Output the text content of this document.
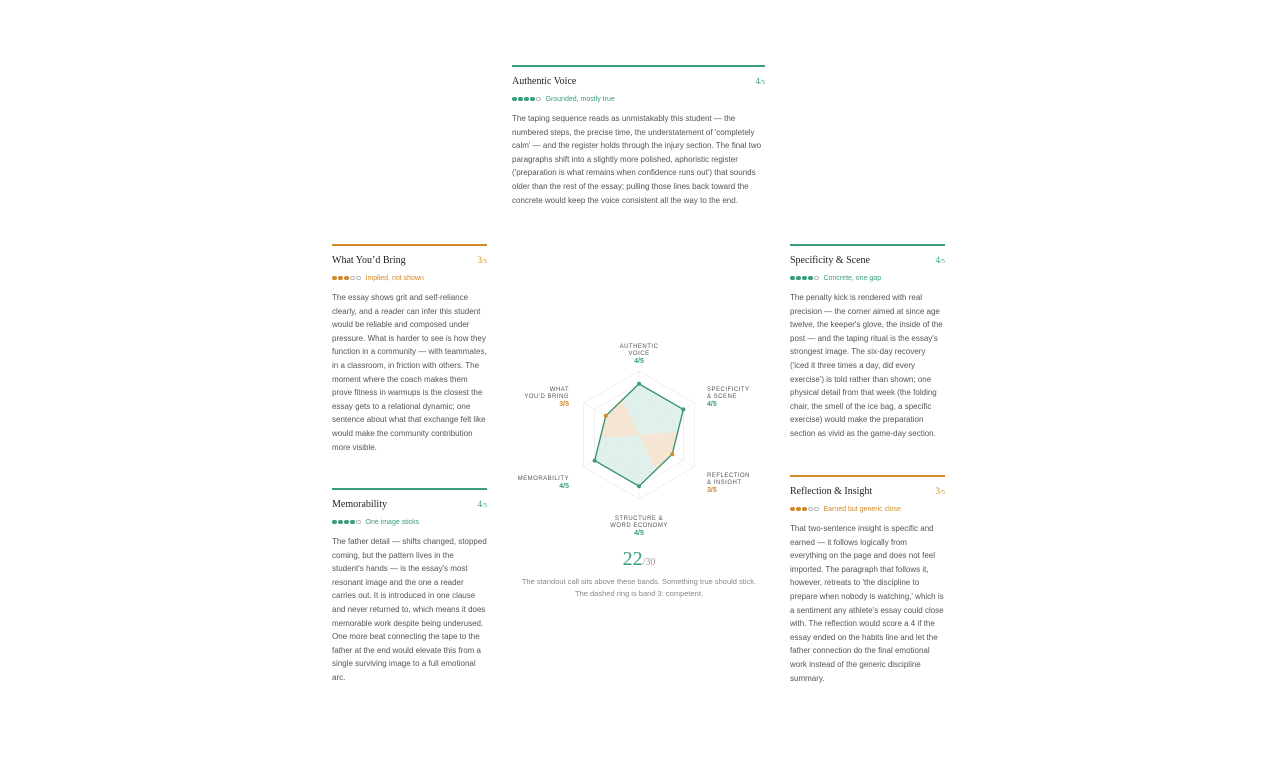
Authentic Voice	4/5
Grounded, mostly true

The taping sequence reads as unmistakably this student — the numbered steps, the precise time, the understatement of 'completely calm' — and the register holds through the injury section. The final two paragraphs shift into a slightly more polished, aphoristic register ('preparation is what remains when confidence runs out') that sounds older than the rest of the essay; pulling those lines back toward the concrete would keep the voice consistent all the way to the end.

What You’d Bring	3/5
Implied, not shown

The essay shows grit and self-reliance clearly, and a reader can infer this student would be reliable and composed under pressure. What is harder to see is how they function in a community — with teammates, in a classroom, in friction with others. The moment where the coach makes them prove fitness in warmups is the closest the essay gets to a relational dynamic; one sentence about what that exchange felt like would make the community contribution more visible.

Specificity & Scene	4/5
Concrete, one gap

The penalty kick is rendered with real precision — the corner aimed at since age twelve, the keeper's glove, the inside of the post — and the taping ritual is the essay's strongest image. The six-day recovery ('iced it three times a day, did every exercise') is told rather than shown; one physical detail from that week (the folding chair, the smell of the ice bag, a specific exercise) would make the preparation section as vivid as the game-day section.

Memorability	4/5
One image sticks

The father detail — shifts changed, stopped coming, but the pattern lives in the student's hands — is the essay's most resonant image and the one a reader carries out. It is introduced in one clause and never returned to, which means it does memorable work despite being underused. One more beat connecting the tape to the father at the end would elevate this from a single surviving image to a full emotional arc.

Reflection & Insight	3/5
Earned but generic close

That two-sentence insight is specific and earned — it follows logically from everything on the page and does not feel imported. The paragraph that follows it, however, retreats to 'the discipline to prepare when nobody is watching,' which is a sentiment any athlete's essay could close with. The reflection would score a 4 if the essay ended on the habits line and let the father connection do the final emotional work instead of the generic discipline summary.

AUTHENTIC VOICE
4/5
SPECIFICITY & SCENE
4/5
REFLECTION & INSIGHT
3/5
STRUCTURE & WORD ECONOMY
4/5
MEMORABILITY
4/5
WHAT YOU'D BRING
3/5
22/30

The standout call sits above these bands. Something true should stick. The dashed ring is band 3: competent.
